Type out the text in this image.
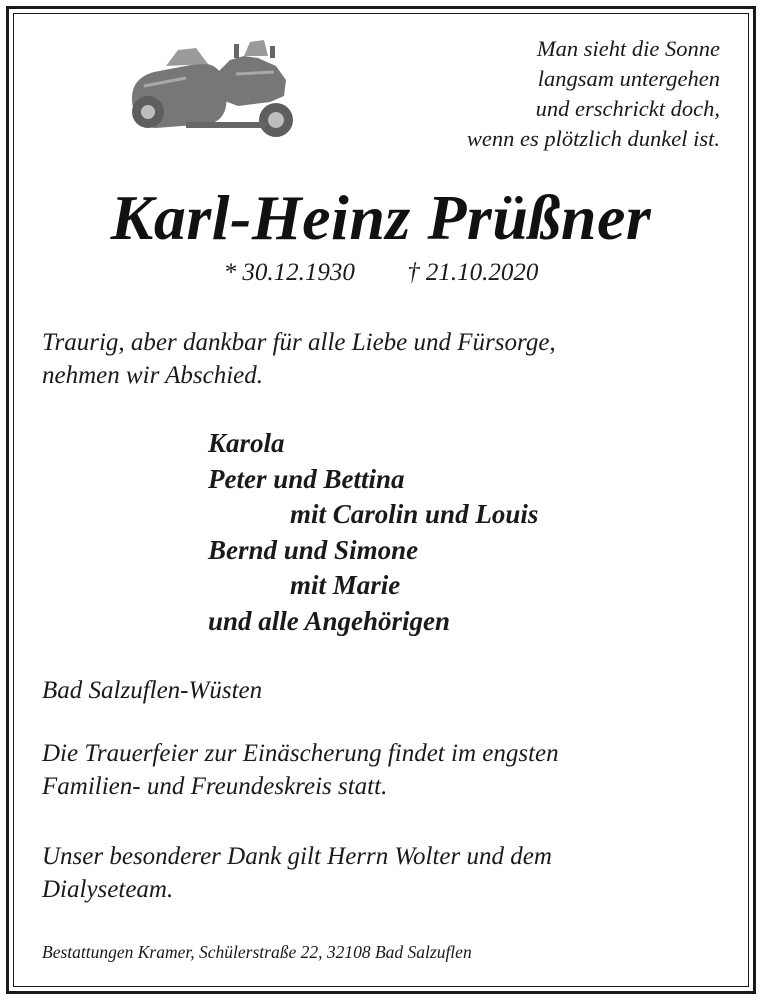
Man sieht die Sonne
langsam untergehen
und erschrickt doch,
wenn es plötzlich dunkel ist.
Karl-Heinz Prüßner
* 30.12.1930 † 21.10.2020
Traurig, aber dankbar für alle Liebe und Fürsorge,
nehmen wir Abschied.
Karola
Peter und Bettina
mit Carolin und Louis
Bernd und Simone
mit Marie
und alle Angehörigen
Bad Salzuflen-Wüsten
Die Trauerfeier zur Einäscherung findet im engsten
Familien- und Freundeskreis statt.
Unser besonderer Dank gilt Herrn Wolter und dem
Dialyseteam.
Bestattungen Kramer, Schülerstraße 22, 32108 Bad Salzuflen
